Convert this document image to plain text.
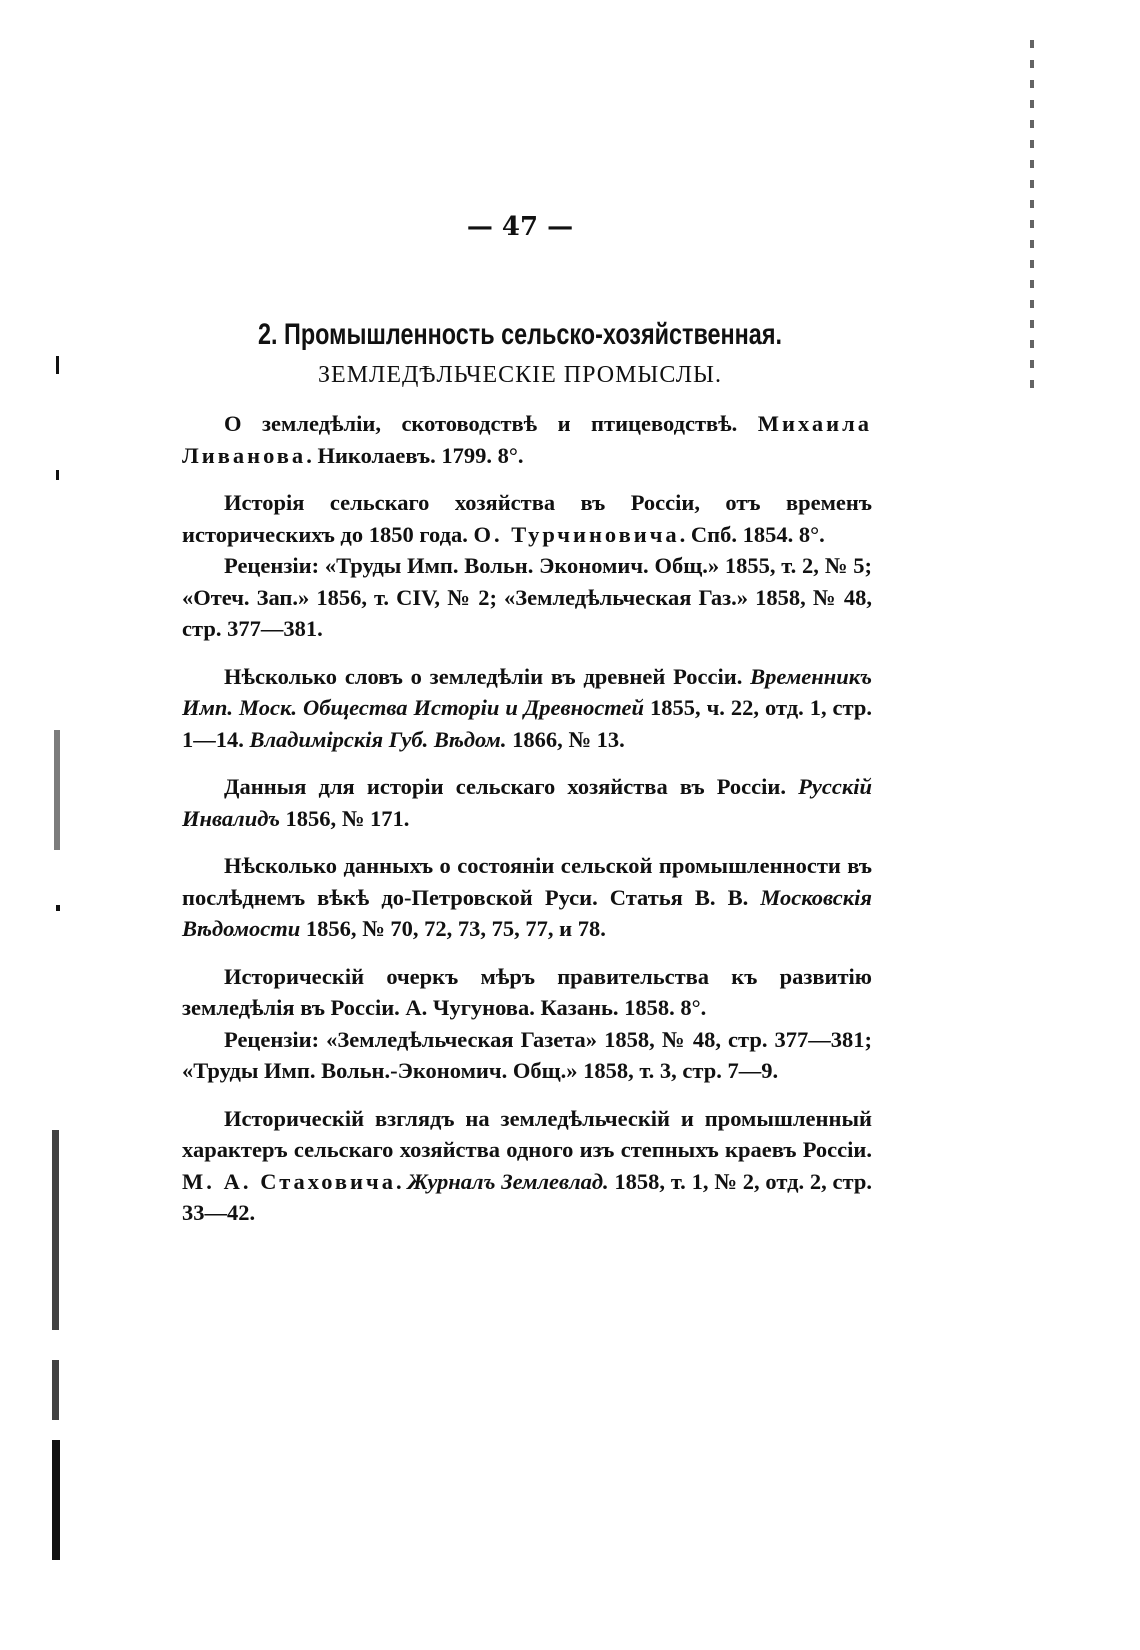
— 47 —
2. Промышленность сельско-хозяйственная.
ЗЕМЛЕДѢЛЬЧЕСКІЕ ПРОМЫСЛЫ.

О земледѣліи, скотоводствѣ и птицеводствѣ. Михаила Ливанова. Николаевъ. 1799. 8°.

Исторія сельскаго хозяйства въ Россіи, отъ временъ историческихъ до 1850 года. О. Турчиновича. Спб. 1854. 8°.

Рецензіи: «Труды Имп. Вольн. Экономич. Общ.» 1855, т. 2, № 5; «Отеч. Зап.» 1856, т. CIV, № 2; «Земледѣльческая Газ.» 1858, № 48, стр. 377—381.

Нѣсколько словъ о земледѣліи въ древней Россіи. Временникъ Имп. Моск. Общества Исторіи и Древностей 1855, ч. 22, отд. 1, стр. 1—14. Владимірскія Губ. Вѣдом. 1866, № 13.

Данныя для исторіи сельскаго хозяйства въ Россіи. Русскій Инвалидъ 1856, № 171.

Нѣсколько данныхъ о состояніи сельской промышленности въ послѣднемъ вѣкѣ до-Петровской Руси. Статья В. В. Московскія Вѣдомости 1856, № 70, 72, 73, 75, 77, и 78.

Историческій очеркъ мѣръ правительства къ развитію земледѣлія въ Россіи. А. Чугунова. Казань. 1858. 8°.

Рецензіи: «Земледѣльческая Газета» 1858, № 48, стр. 377—381; «Труды Имп. Вольн.-Экономич. Общ.» 1858, т. 3, стр. 7—9.

Историческій взглядъ на земледѣльческій и промышленный характеръ сельскаго хозяйства одного изъ степныхъ краевъ Россіи. М. А. Стаховича. Журналъ Землевлад. 1858, т. 1, № 2, отд. 2, стр. 33—42.
